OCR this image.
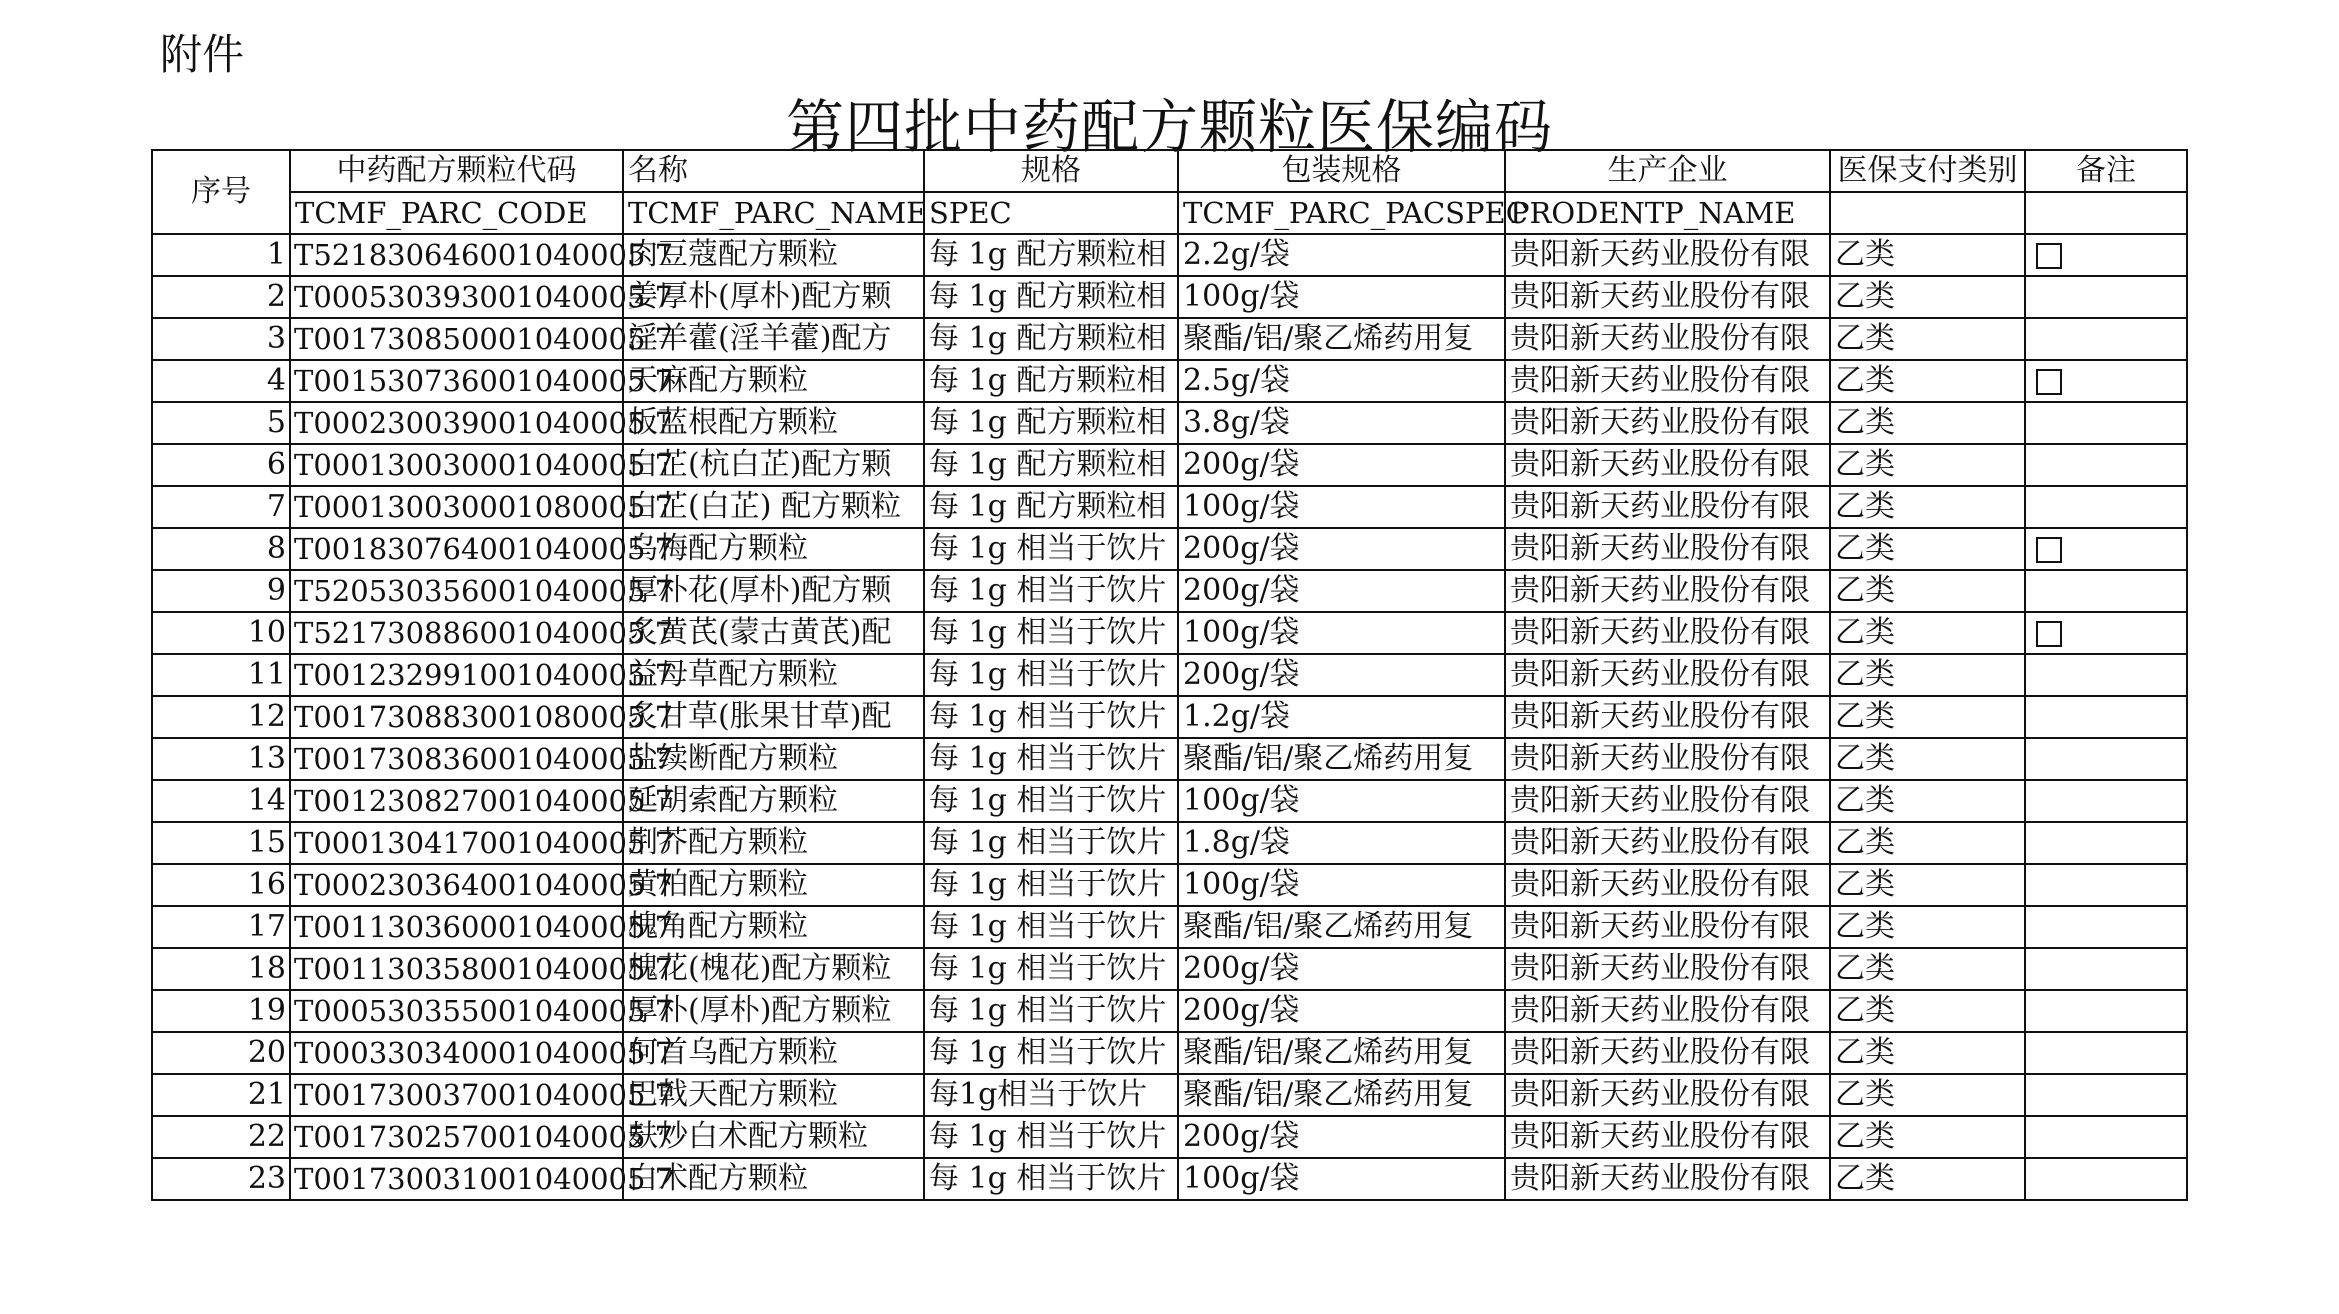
附件
第四批中药配方颗粒医保编码
序号	中药配方颗粒代码	名称	规格	包装规格	生产企业	医保支付类别	备注
	TCMF_PARC_CODE	TCMF_PARC_NAME	SPEC	TCMF_PARC_PACSPEC	PRODENTP_NAME		
1	T521830646001040005 7	肉豆蔻配方颗粒	每 1g 配方颗粒相	2.2g/袋	贵阳新天药业股份有限	乙类	
2	T000530393001040005 7	姜厚朴(厚朴)配方颗	每 1g 配方颗粒相	100g/袋	贵阳新天药业股份有限	乙类	
3	T001730850001040005 7	淫羊藿(淫羊藿)配方	每 1g 配方颗粒相	聚酯/铝/聚乙烯药用复	贵阳新天药业股份有限	乙类	
4	T001530736001040005 7	天麻配方颗粒	每 1g 配方颗粒相	2.5g/袋	贵阳新天药业股份有限	乙类	
5	T000230039001040005 7	板蓝根配方颗粒	每 1g 配方颗粒相	3.8g/袋	贵阳新天药业股份有限	乙类	
6	T000130030001040005 7	白芷(杭白芷)配方颗	每 1g 配方颗粒相	200g/袋	贵阳新天药业股份有限	乙类	
7	T000130030001080005 7	白芷(白芷) 配方颗粒	每 1g 配方颗粒相	100g/袋	贵阳新天药业股份有限	乙类	
8	T001830764001040005 7	乌梅配方颗粒	每 1g 相当于饮片	200g/袋	贵阳新天药业股份有限	乙类	
9	T520530356001040005 7	厚朴花(厚朴)配方颗	每 1g 相当于饮片	200g/袋	贵阳新天药业股份有限	乙类	
10	T521730886001040005 7	炙黄芪(蒙古黄芪)配	每 1g 相当于饮片	100g/袋	贵阳新天药业股份有限	乙类	
11	T001232991001040005 7	益母草配方颗粒	每 1g 相当于饮片	200g/袋	贵阳新天药业股份有限	乙类	
12	T001730883001080005 7	炙甘草(胀果甘草)配	每 1g 相当于饮片	1.2g/袋	贵阳新天药业股份有限	乙类	
13	T001730836001040005 7	盐续断配方颗粒	每 1g 相当于饮片	聚酯/铝/聚乙烯药用复	贵阳新天药业股份有限	乙类	
14	T001230827001040005 7	延胡索配方颗粒	每 1g 相当于饮片	100g/袋	贵阳新天药业股份有限	乙类	
15	T000130417001040005 7	荆芥配方颗粒	每 1g 相当于饮片	1.8g/袋	贵阳新天药业股份有限	乙类	
16	T000230364001040005 7	黄柏配方颗粒	每 1g 相当于饮片	100g/袋	贵阳新天药业股份有限	乙类	
17	T001130360001040005 7	槐角配方颗粒	每 1g 相当于饮片	聚酯/铝/聚乙烯药用复	贵阳新天药业股份有限	乙类	
18	T001130358001040005 7	槐花(槐花)配方颗粒	每 1g 相当于饮片	200g/袋	贵阳新天药业股份有限	乙类	
19	T000530355001040005 7	厚朴(厚朴)配方颗粒	每 1g 相当于饮片	200g/袋	贵阳新天药业股份有限	乙类	
20	T000330340001040005 7	何首乌配方颗粒	每 1g 相当于饮片	聚酯/铝/聚乙烯药用复	贵阳新天药业股份有限	乙类	
21	T001730037001040005 7	巴戟天配方颗粒	每1g相当于饮片	聚酯/铝/聚乙烯药用复	贵阳新天药业股份有限	乙类	
22	T001730257001040005 7	麸炒白术配方颗粒	每 1g 相当于饮片	200g/袋	贵阳新天药业股份有限	乙类	
23	T001730031001040005 7	白术配方颗粒	每 1g 相当于饮片	100g/袋	贵阳新天药业股份有限	乙类	
